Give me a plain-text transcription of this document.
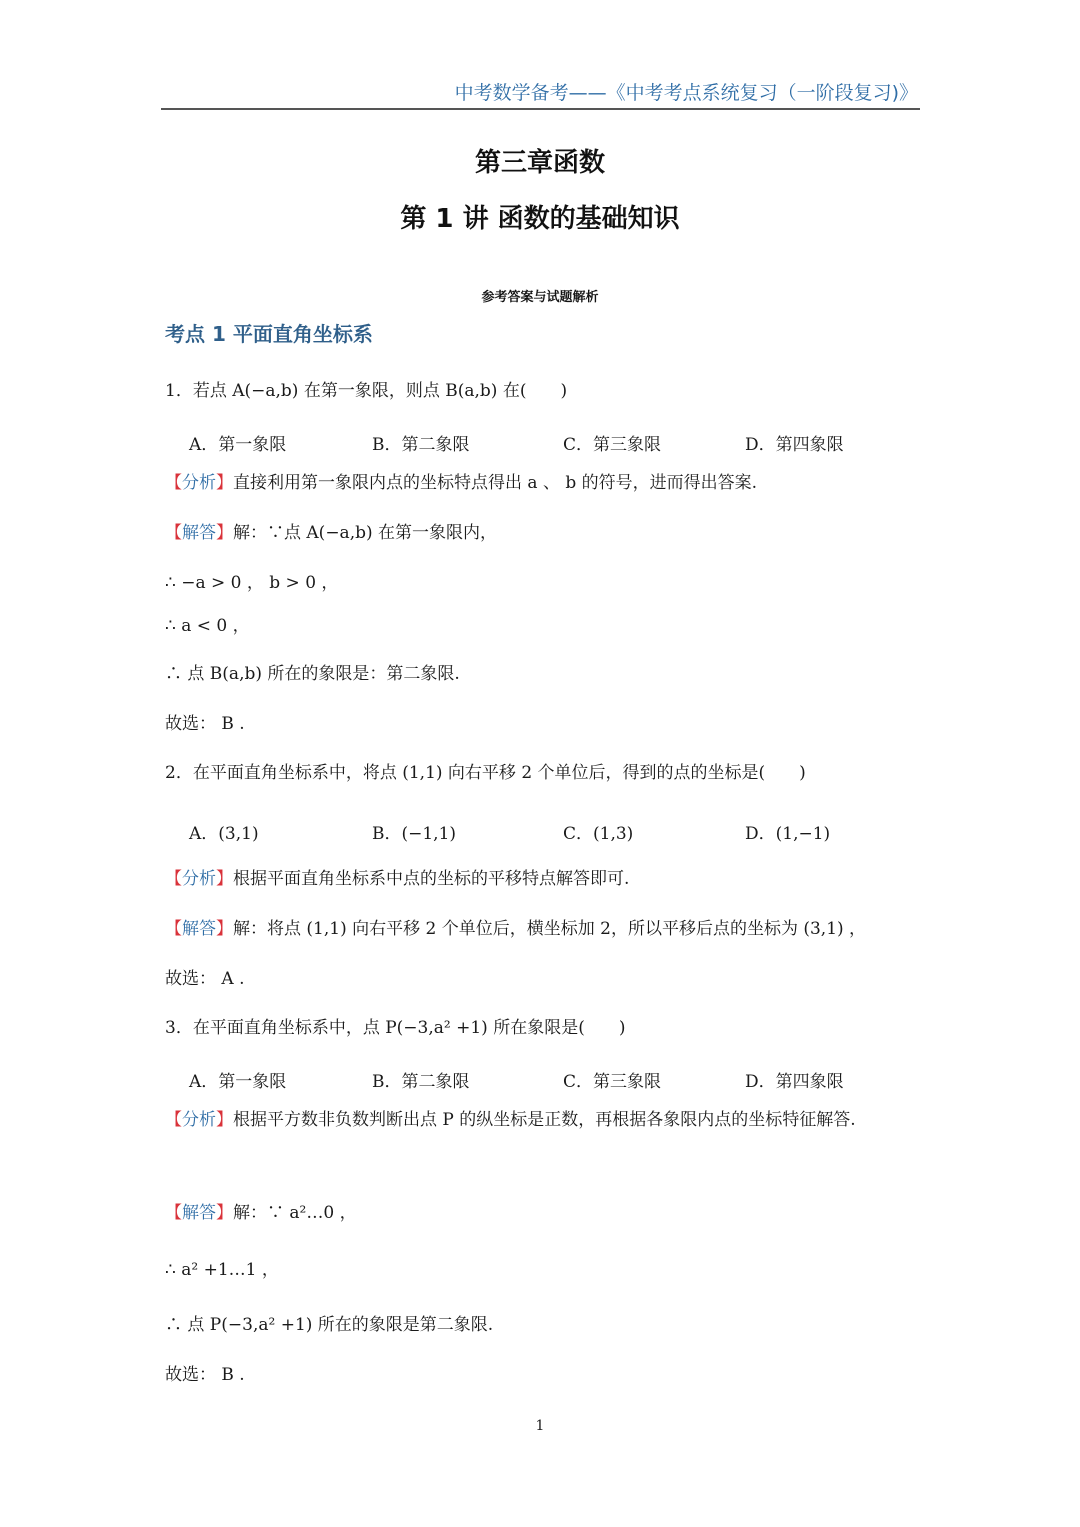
中考数学备考——《中考考点系统复习（一阶段复习)》
第三章函数
第 1 讲 函数的基础知识
参考答案与试题解析
考点 1 平面直角坐标系
1．若点 A(−a,b) 在第一象限，则点 B(a,b) 在(　　)
A．第一象限	B．第二象限	C．第三象限	D．第四象限
【分析】直接利用第一象限内点的坐标特点得出 a 、 b 的符号，进而得出答案.
【解答】解：∵点 A(−a,b) 在第一象限内，
∴ −a > 0 ， b > 0 ，
∴ a < 0 ，
∴ 点 B(a,b) 所在的象限是：第二象限.
故选： B .
2．在平面直角坐标系中，将点 (1,1) 向右平移 2 个单位后，得到的点的坐标是(　　)
A．(3,1)	B．(−1,1)	C．(1,3)	D．(1,−1)
【分析】根据平面直角坐标系中点的坐标的平移特点解答即可.
【解答】解：将点 (1,1) 向右平移 2 个单位后，横坐标加 2，所以平移后点的坐标为 (3,1) ，
故选： A .
3．在平面直角坐标系中，点 P(−3,a² +1) 所在象限是(　　)
A．第一象限	B．第二象限	C．第三象限	D．第四象限
【分析】根据平方数非负数判断出点 P 的纵坐标是正数，再根据各象限内点的坐标特征解答.
【解答】解：∵ a²…0 ，
∴ a² +1…1 ，
∴ 点 P(−3,a² +1) 所在的象限是第二象限.
故选： B .
1
